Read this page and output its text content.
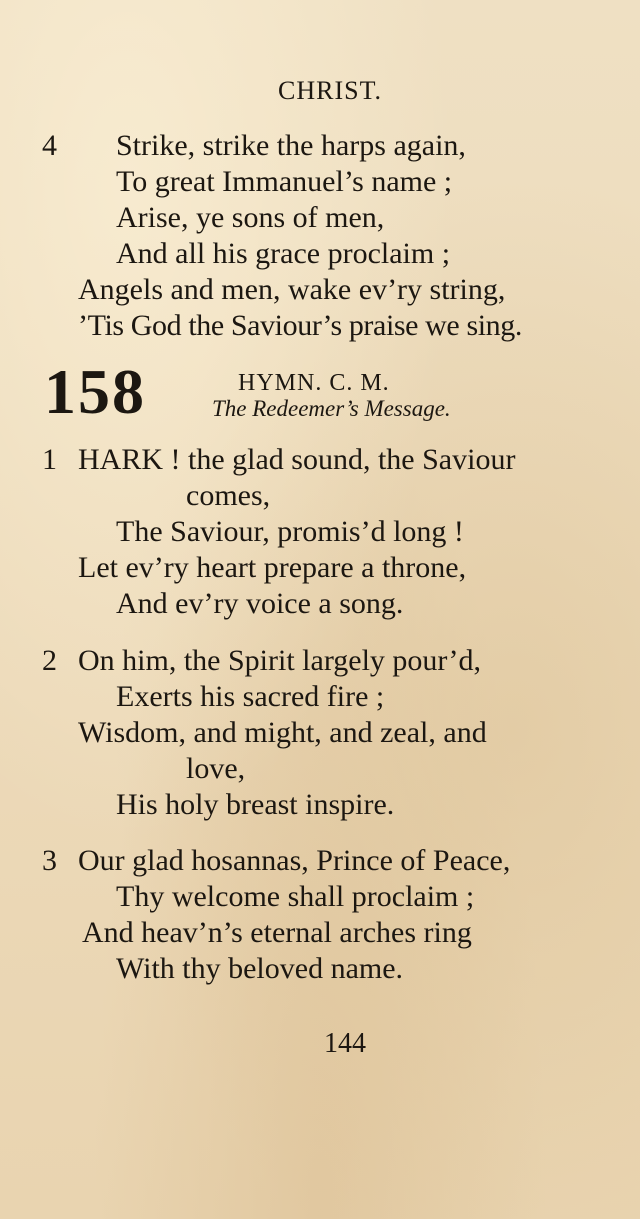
CHRIST.
4 Strike, strike the harps again,
To great Immanuel’s name ;
Arise, ye sons of men,
And all his grace proclaim ;
Angels and men, wake ev’ry string,
’Tis God the Saviour’s praise we sing.
158	HYMN. C. M.
The Redeemer’s Message.
1 HARK ! the glad sound, the Saviour
comes,
The Saviour, promis’d long !
Let ev’ry heart prepare a throne,
And ev’ry voice a song.
2 On him, the Spirit largely pour’d,
Exerts his sacred fire ;
Wisdom, and might, and zeal, and
love,
His holy breast inspire.
3 Our glad hosannas, Prince of Peace,
Thy welcome shall proclaim ;
And heav’n’s eternal arches ring
With thy beloved name.
144
